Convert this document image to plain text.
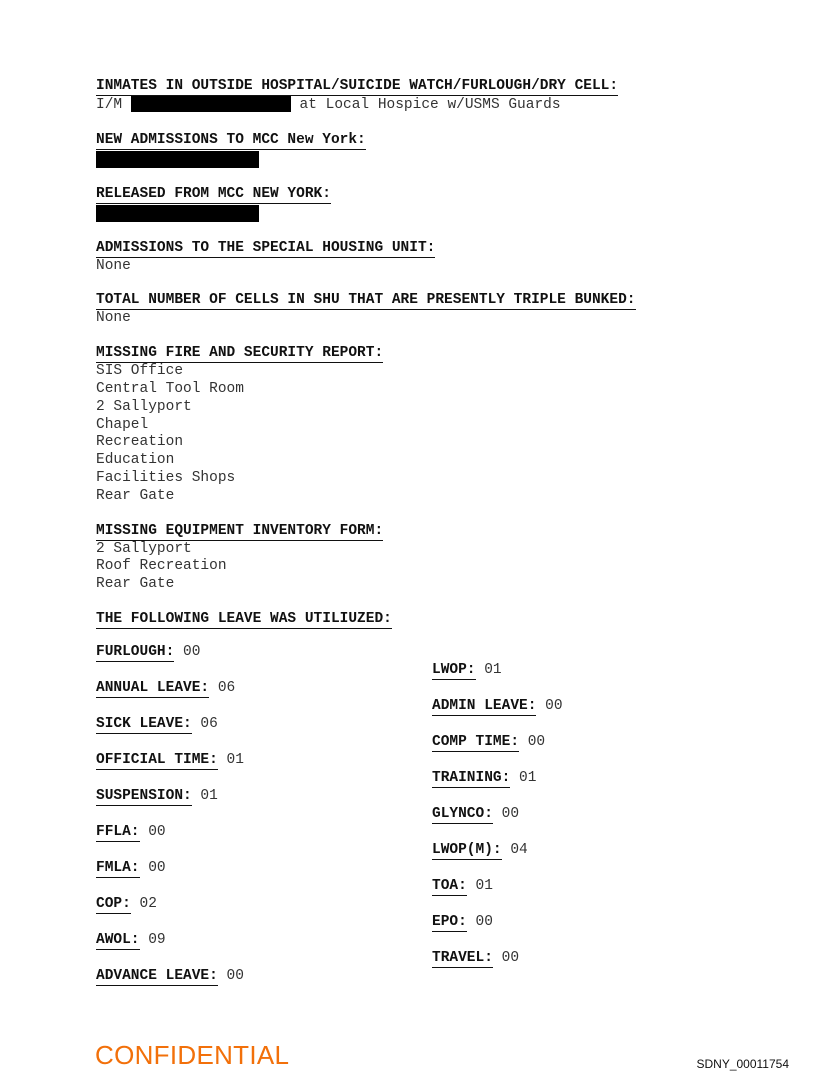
INMATES IN OUTSIDE HOSPITAL/SUICIDE WATCH/FURLOUGH/DRY CELL:
I/M	at Local Hospice w/USMS Guards
NEW ADMISSIONS TO MCC New York:
RELEASED FROM MCC NEW YORK:
ADMISSIONS TO THE SPECIAL HOUSING UNIT:
None
TOTAL NUMBER OF CELLS IN SHU THAT ARE PRESENTLY TRIPLE BUNKED:
None
MISSING FIRE AND SECURITY REPORT:
SIS Office
Central Tool Room
2 Sallyport
Chapel
Recreation
Education
Facilities Shops
Rear Gate
MISSING EQUIPMENT INVENTORY FORM:
2 Sallyport
Roof Recreation
Rear Gate
THE FOLLOWING LEAVE WAS UTILIUZED:
FURLOUGH: 00
ANNUAL LEAVE: 06
SICK LEAVE: 06
OFFICIAL TIME: 01
SUSPENSION: 01
FFLA: 00
FMLA: 00
COP: 02
AWOL: 09
ADVANCE LEAVE: 00
LWOP: 01
ADMIN LEAVE: 00
COMP TIME: 00
TRAINING: 01
GLYNCO: 00
LWOP(M): 04
TOA: 01
EPO: 00
TRAVEL: 00
CONFIDENTIAL	SDNY_00011754
